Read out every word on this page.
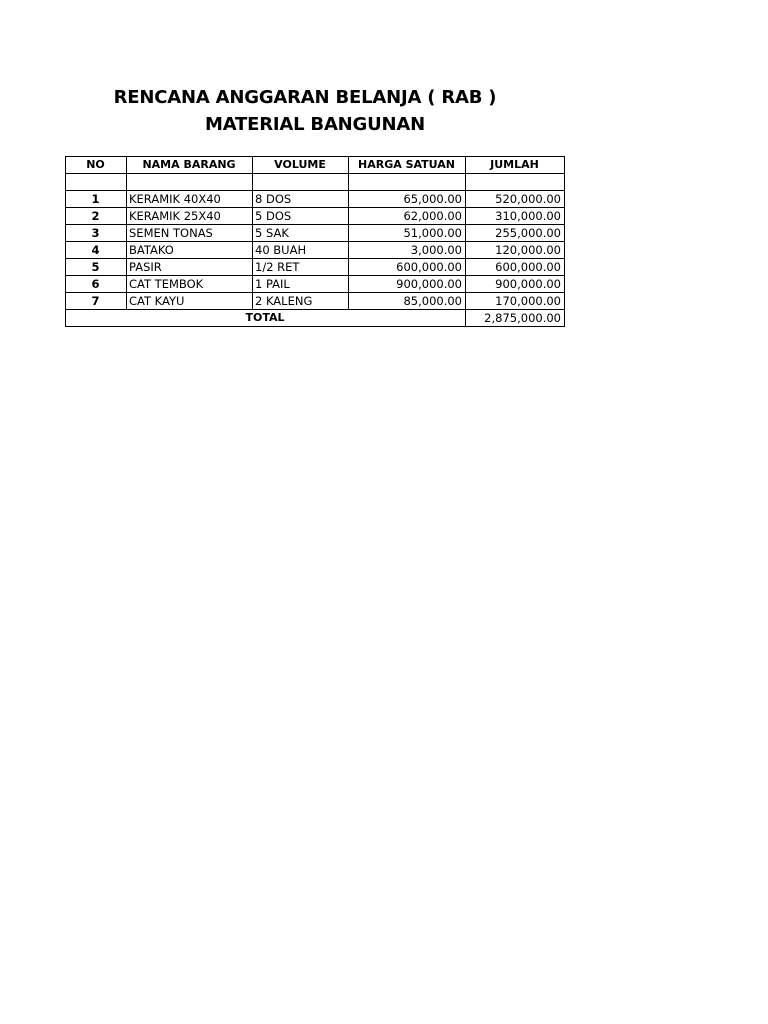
RENCANA ANGGARAN BELANJA ( RAB )
MATERIAL BANGUNAN
NO	NAMA BARANG	VOLUME	HARGA SATUAN	JUMLAH

1	KERAMIK 40X40	8 DOS	65,000.00	520,000.00
2	KERAMIK 25X40	5 DOS	62,000.00	310,000.00
3	SEMEN TONAS	5 SAK	51,000.00	255,000.00
4	BATAKO	40 BUAH	3,000.00	120,000.00
5	PASIR	1/2 RET	600,000.00	600,000.00
6	CAT TEMBOK	1 PAIL	900,000.00	900,000.00
7	CAT KAYU	2 KALENG	85,000.00	170,000.00
TOTAL				2,875,000.00
